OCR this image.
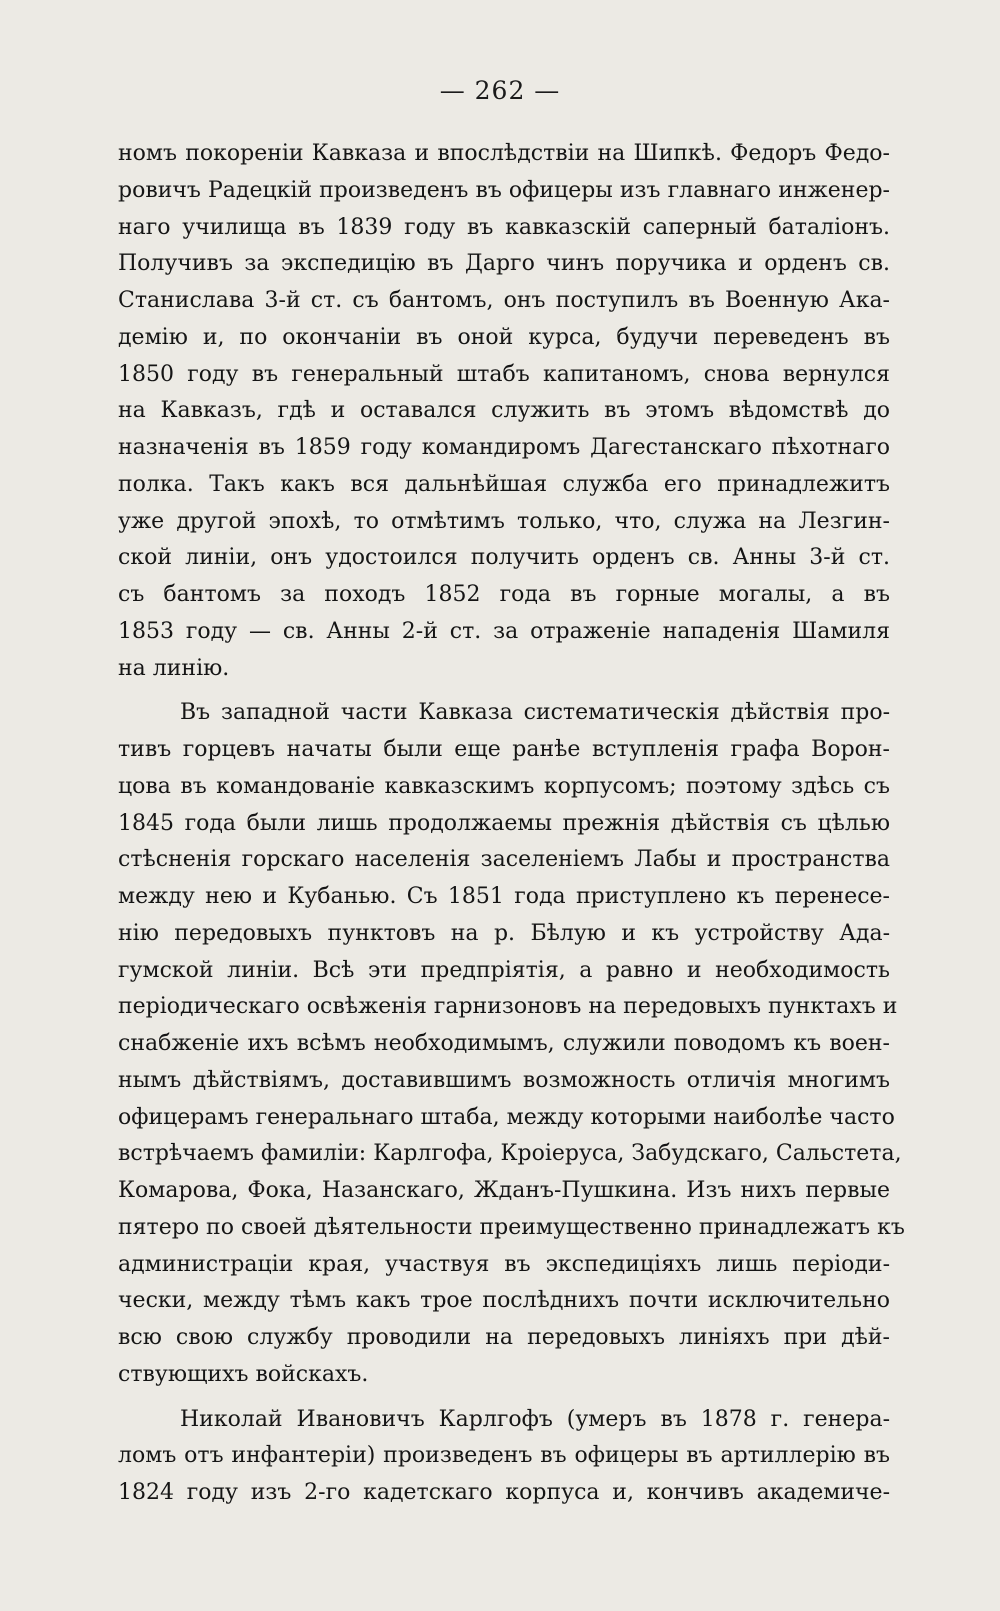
— 262 —
номъ покореніи Кавказа и впослѣдствіи на Шипкѣ. Федоръ Федо-
ровичъ Радецкій произведенъ въ офицеры изъ главнаго инженер-
наго училища въ 1839 году въ кавказскій саперный баталіонъ.
Получивъ за экспедицію въ Дарго чинъ поручика и орденъ св.
Станислава 3-й ст. съ бантомъ, онъ поступилъ въ Военную Ака-
демію и, по окончаніи въ оной курса, будучи переведенъ въ
1850 году въ генеральный штабъ капитаномъ, снова вернулся
на Кавказъ, гдѣ и оставался служить въ этомъ вѣдомствѣ до
назначенія въ 1859 году командиромъ Дагестанскаго пѣхотнаго
полка. Такъ какъ вся дальнѣйшая служба его принадлежитъ
уже другой эпохѣ, то отмѣтимъ только, что, служа на Лезгин-
ской линіи, онъ удостоился получить орденъ св. Анны 3-й ст.
съ бантомъ за походъ 1852 года въ горные могалы, а въ
1853 году — св. Анны 2-й ст. за отраженіе нападенія Шамиля
на линію.
Въ западной части Кавказа систематическія дѣйствія про-
тивъ горцевъ начаты были еще ранѣе вступленія графа Ворон-
цова въ командованіе кавказскимъ корпусомъ; поэтому здѣсь съ
1845 года были лишь продолжаемы прежнія дѣйствія съ цѣлью
стѣсненія горскаго населенія заселеніемъ Лабы и пространства
между нею и Кубанью. Съ 1851 года приступлено къ перенесе-
нію передовыхъ пунктовъ на р. Бѣлую и къ устройству Ада-
гумской линіи. Всѣ эти предпріятія, а равно и необходимость
періодическаго освѣженія гарнизоновъ на передовыхъ пунктахъ и
снабженіе ихъ всѣмъ необходимымъ, служили поводомъ къ воен-
нымъ дѣйствіямъ, доставившимъ возможность отличія многимъ
офицерамъ генеральнаго штаба, между которыми наиболѣе часто
встрѣчаемъ фамиліи: Карлгофа, Кроіеруса, Забудскаго, Сальстета,
Комарова, Фока, Назанскаго, Жданъ-Пушкина. Изъ нихъ первые
пятеро по своей дѣятельности преимущественно принадлежатъ къ
администраціи края, участвуя въ экспедиціяхъ лишь періоди-
чески, между тѣмъ какъ трое послѣднихъ почти исключительно
всю свою службу проводили на передовыхъ линіяхъ при дѣй-
ствующихъ войскахъ.
Николай Ивановичъ Карлгофъ (умеръ въ 1878 г. генера-
ломъ отъ инфантеріи) произведенъ въ офицеры въ артиллерію въ
1824 году изъ 2-го кадетскаго корпуса и, кончивъ академиче-
